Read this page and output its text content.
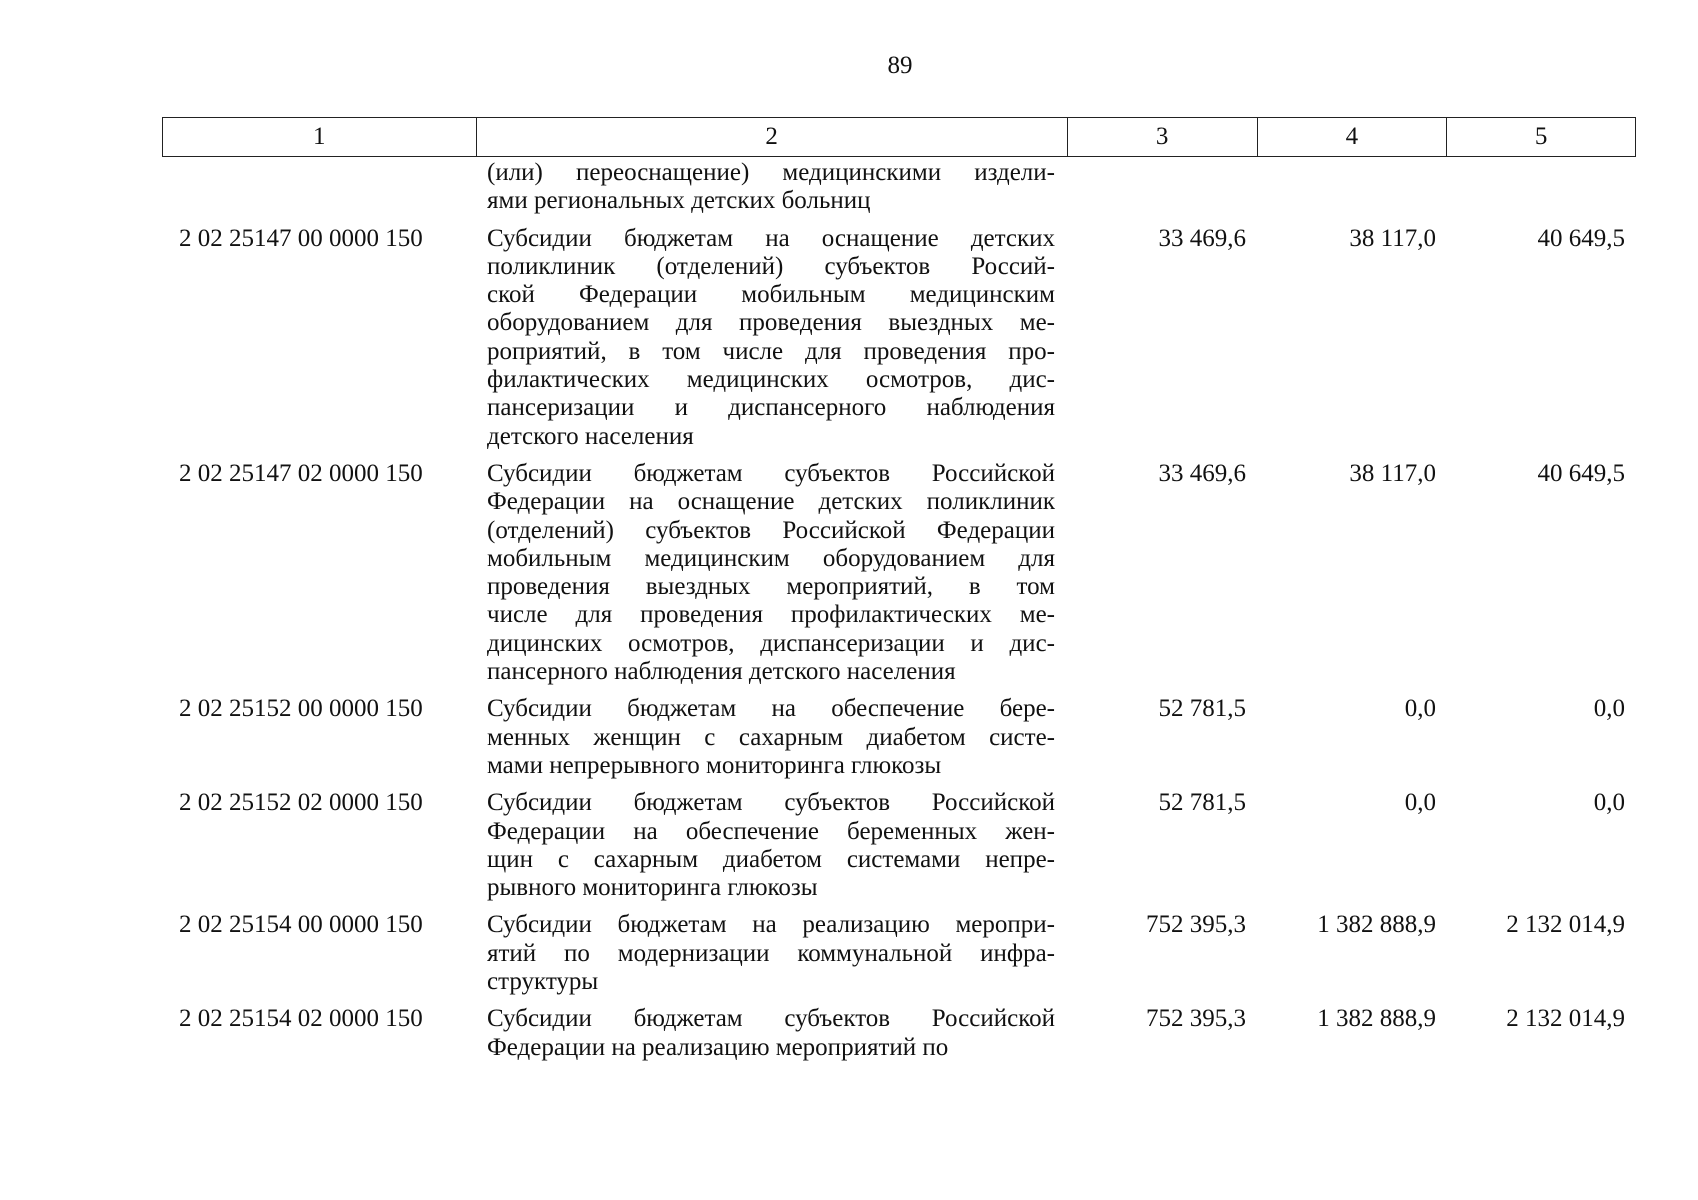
89
1	2	3	4	5
(или) переоснащение) медицинскими издели-
ями региональных детских больниц
2 02 25147 00 0000 150	Субсидии бюджетам на оснащение детских
поликлиник (отделений) субъектов Россий-
ской Федерации мобильным медицинским
оборудованием для проведения выездных ме-
роприятий, в том числе для проведения про-
филактических медицинских осмотров, дис-
пансеризации и диспансерного наблюдения
детского населения
33 469,6	38 117,0	40 649,5
2 02 25147 02 0000 150	Субсидии бюджетам субъектов Российской
Федерации на оснащение детских поликлиник
(отделений) субъектов Российской Федерации
мобильным медицинским оборудованием для
проведения выездных мероприятий, в том
числе для проведения профилактических ме-
дицинских осмотров, диспансеризации и дис-
пансерного наблюдения детского населения
33 469,6	38 117,0	40 649,5
2 02 25152 00 0000 150	Субсидии бюджетам на обеспечение бере-
менных женщин с сахарным диабетом систе-
мами непрерывного мониторинга глюкозы
52 781,5	0,0	0,0
2 02 25152 02 0000 150	Субсидии бюджетам субъектов Российской
Федерации на обеспечение беременных жен-
щин с сахарным диабетом системами непре-
рывного мониторинга глюкозы
52 781,5	0,0	0,0
2 02 25154 00 0000 150	Субсидии бюджетам на реализацию меропри-
ятий по модернизации коммунальной инфра-
структуры
752 395,3	1 382 888,9	2 132 014,9
2 02 25154 02 0000 150	Субсидии бюджетам субъектов Российской
Федерации на реализацию мероприятий по
752 395,3	1 382 888,9	2 132 014,9
